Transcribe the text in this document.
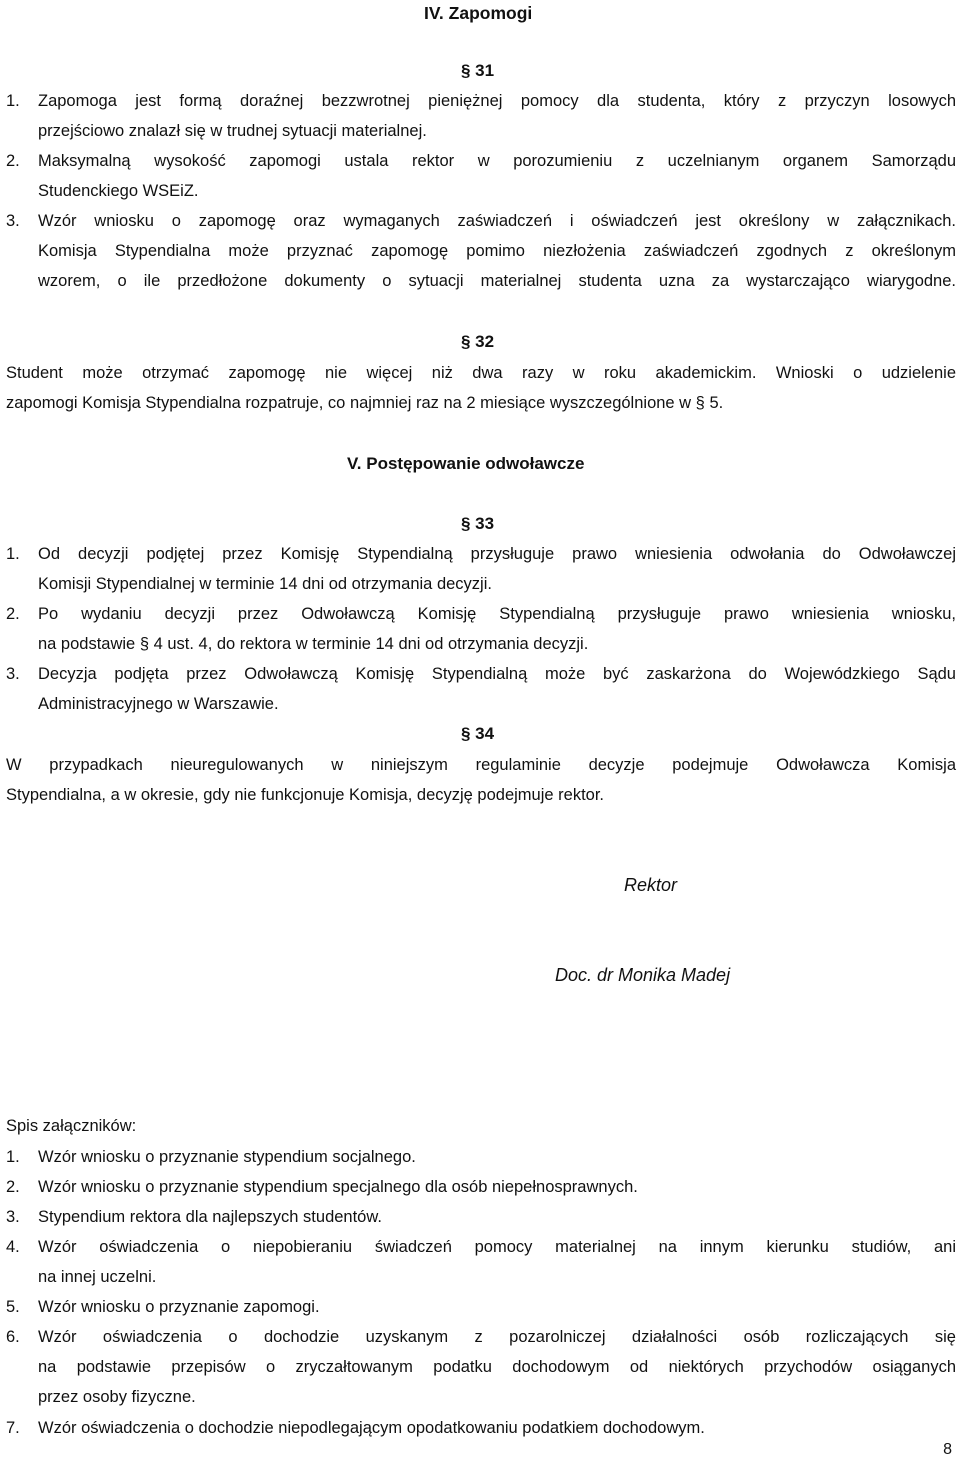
IV. Zapomogi
§ 31
1.	Zapomoga jest formą doraźnej bezzwrotnej pieniężnej pomocy dla studenta, który z przyczyn losowych
przejściowo znalazł się w trudnej sytuacji materialnej.
2.	Maksymalną wysokość zapomogi ustala rektor w porozumieniu z uczelnianym organem Samorządu
Studenckiego WSEiZ.
3.	Wzór wniosku o zapomogę oraz wymaganych zaświadczeń i oświadczeń jest określony w załącznikach.
Komisja Stypendialna może przyznać zapomogę pomimo niezłożenia zaświadczeń zgodnych z określonym
wzorem, o ile przedłożone dokumenty o sytuacji materialnej studenta uzna za wystarczająco wiarygodne.
§ 32
Student może otrzymać zapomogę nie więcej niż dwa razy w roku akademickim. Wnioski o udzielenie
zapomogi Komisja Stypendialna rozpatruje, co najmniej raz na 2 miesiące wyszczególnione w § 5.
V. Postępowanie odwoławcze
§ 33
1.	Od decyzji podjętej przez Komisję Stypendialną przysługuje prawo wniesienia odwołania do Odwoławczej
Komisji Stypendialnej w terminie 14 dni od otrzymania decyzji.
2.	Po wydaniu decyzji przez Odwoławczą Komisję Stypendialną przysługuje prawo wniesienia wniosku,
na podstawie § 4 ust. 4, do rektora w terminie 14 dni od otrzymania decyzji.
3.	Decyzja podjęta przez Odwoławczą Komisję Stypendialną może być zaskarżona do Wojewódzkiego Sądu
Administracyjnego w Warszawie.
§ 34
W przypadkach nieuregulowanych w niniejszym regulaminie decyzje podejmuje Odwoławcza Komisja
Stypendialna, a w okresie, gdy nie funkcjonuje Komisja, decyzję podejmuje rektor.
Rektor
Doc. dr Monika Madej
Spis załączników:
1.	Wzór wniosku o przyznanie stypendium socjalnego.
2.	Wzór wniosku o przyznanie stypendium specjalnego dla osób niepełnosprawnych.
3.	Stypendium rektora dla najlepszych studentów.
4.	Wzór oświadczenia o niepobieraniu świadczeń pomocy materialnej na innym kierunku studiów, ani
na innej uczelni.
5.	Wzór wniosku o przyznanie zapomogi.
6.	Wzór oświadczenia o dochodzie uzyskanym z pozarolniczej działalności osób rozliczających się
na podstawie przepisów o zryczałtowanym podatku dochodowym od niektórych przychodów osiąganych
przez osoby fizyczne.
7.	Wzór oświadczenia o dochodzie niepodlegającym opodatkowaniu podatkiem dochodowym.
8
